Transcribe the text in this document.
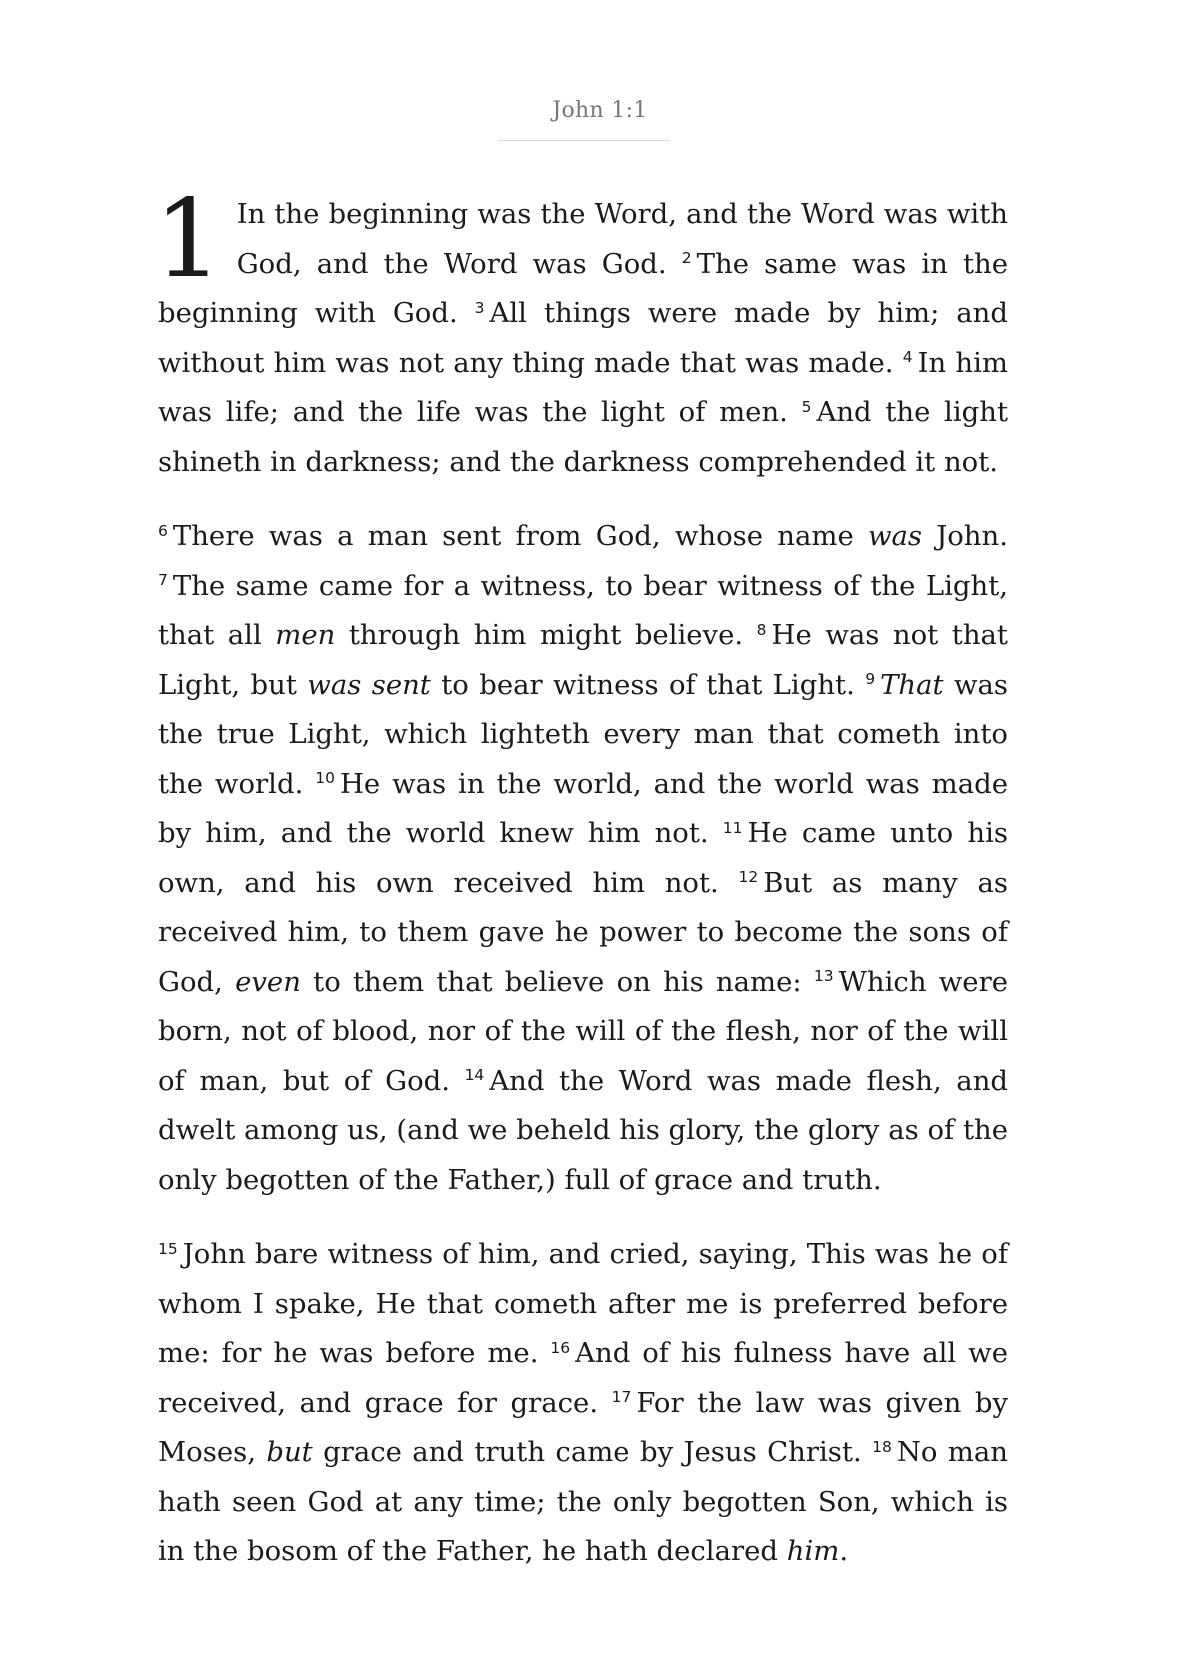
John 1:1

1 In the beginning was the Word, and the Word was with God, and the Word was God. $^2$ The same was in the beginning with God. $^3$ All things were made by him; and without him was not any thing made that was made. $^4$ In him was life; and the life was the light of men. $^5$ And the light shineth in darkness; and the darkness comprehended it not.

$^6$ There was a man sent from God, whose name was John. $^7$ The same came for a witness, to bear witness of the Light, that all men through him might believe. $^8$ He was not that Light, but was sent to bear witness of that Light. $^9$ That was the true Light, which lighteth every man that cometh into the world. $^{10}$ He was in the world, and the world was made by him, and the world knew him not. $^{11}$ He came unto his own, and his own received him not. $^{12}$ But as many as received him, to them gave he power to become the sons of God, even to them that believe on his name: $^{13}$ Which were born, not of blood, nor of the will of the flesh, nor of the will of man, but of God. $^{14}$ And the Word was made flesh, and dwelt among us, (and we beheld his glory, the glory as of the only begotten of the Father,) full of grace and truth.

$^{15}$ John bare witness of him, and cried, saying, This was he of whom I spake, He that cometh after me is preferred before me: for he was before me. $^{16}$ And of his fulness have all we received, and grace for grace. $^{17}$ For the law was given by Moses, but grace and truth came by Jesus Christ. $^{18}$ No man hath seen God at any time; the only begotten Son, which is in the bosom of the Father, he hath declared him.
